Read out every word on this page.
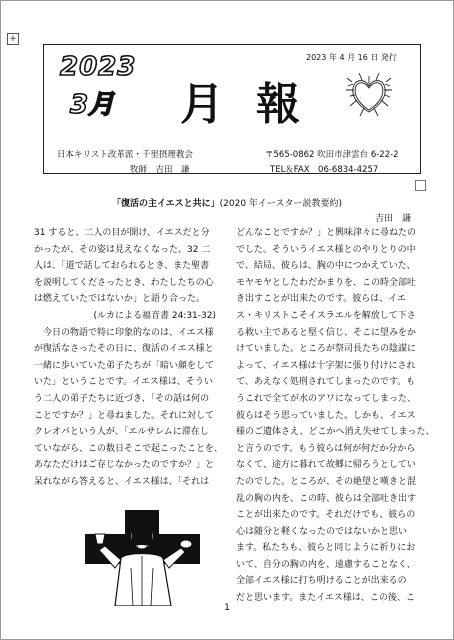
+
2023
3月 月報
2023 年 4 月 16 日 発行
日本キリスト改革派・千里摂理教会	〒565-0862 吹田市津雲台 6-22-2
牧師　吉田　謙	TEL＆FAX　06-6834-4257
「復活の主イエスと共に」(2020 年イースター説教要約)
吉田　謙
31 すると、二人の目が開け、イエスだと分
かったが、その姿は見えなくなった。32 二
人は、「道で話しておられるとき、また聖書
を説明してくださったとき、わたしたちの心
は燃えていたではないか」と語り合った。
(ルカによる福音書 24:31-32)
　今日の物語で特に印象的なのは、イエス様
が復活なさったその日に、復活のイエス様と
一緒に歩いていた弟子たちが「暗い顔をして
いた」ということです。イエス様は、そうい
う二人の弟子たちに近づき、「その話は何の
ことですか？」と尋ねました。それに対して
クレオパという人が、「エルサレムに滞在し
ていながら、この数日そこで起こったことを、
あなただけはご存じなかったのですか？」と
呆れながら答えると、イエス様は、「それは
どんなことですか？」と興味津々に尋ねたの
でした。そういうイエス様とのやりとりの中
で、結局、彼らは、胸の中につかえていた、
モヤモヤとしたわだかまりを、この時全部吐
き出すことが出来たのです。彼らは、イエ
ス・キリストこそイスラエルを解放して下さ
る救い主であると堅く信じ、そこに望みをか
けていました。ところが祭司長たちの陰謀に
よって、イエス様は十字架に張り付けにされ
て、あえなく処刑されてしまったのです。も
うこれで全てが水のアワになってしまった、
彼らはそう思っていました。しかも、イエス
様のご遺体さえ、どこかへ消え失せてしまった、
と言うのです。もう彼らは何が何だか分から
なくて、途方に暮れて故郷に帰ろうとしてい
たのでした。ところが、その絶望と嘆きと混
乱の胸の内を、この時、彼らは全部吐き出す
ことが出来たのです。それだけでも、彼らの
心は随分と軽くなったのではないかと思い
ます。私たちも、彼らと同じように祈りにお
いて、自分の胸の内を、遠慮することなく、
全部イエス様に打ち明けることが出来るの
だと思います。またイエス様は、この後、こ
1
